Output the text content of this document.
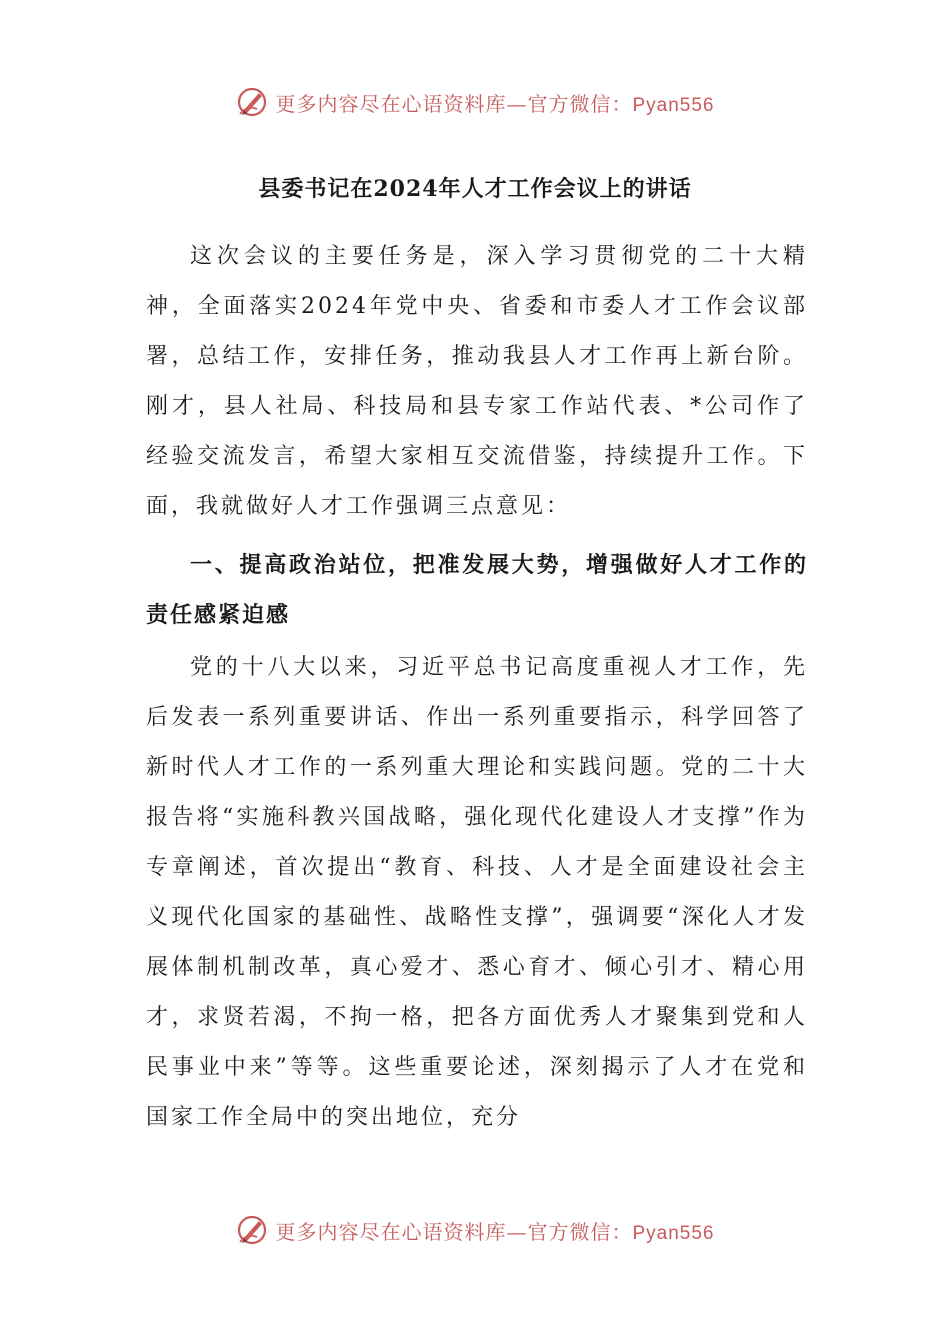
更多内容尽在心语资料库—官方微信：Pyan556
县委书记在2024年人才工作会议上的讲话

这次会议的主要任务是，深入学习贯彻党的二十大精神，全面落实2024年党中央、省委和市委人才工作会议部署，总结工作，安排任务，推动我县人才工作再上新台阶。刚才，县人社局、科技局和县专家工作站代表、*公司作了经验交流发言，希望大家相互交流借鉴，持续提升工作。下面，我就做好人才工作强调三点意见：

一、提高政治站位，把准发展大势，增强做好人才工作的责任感紧迫感

党的十八大以来，习近平总书记高度重视人才工作，先后发表一系列重要讲话、作出一系列重要指示，科学回答了新时代人才工作的一系列重大理论和实践问题。党的二十大报告将“实施科教兴国战略，强化现代化建设人才支撑”作为专章阐述，首次提出“教育、科技、人才是全面建设社会主义现代化国家的基础性、战略性支撑”，强调要“深化人才发展体制机制改革，真心爱才、悉心育才、倾心引才、精心用才，求贤若渴，不拘一格，把各方面优秀人才聚集到党和人民事业中来”等等。这些重要论述，深刻揭示了人才在党和国家工作全局中的突出地位，充分

更多内容尽在心语资料库—官方微信：Pyan556
